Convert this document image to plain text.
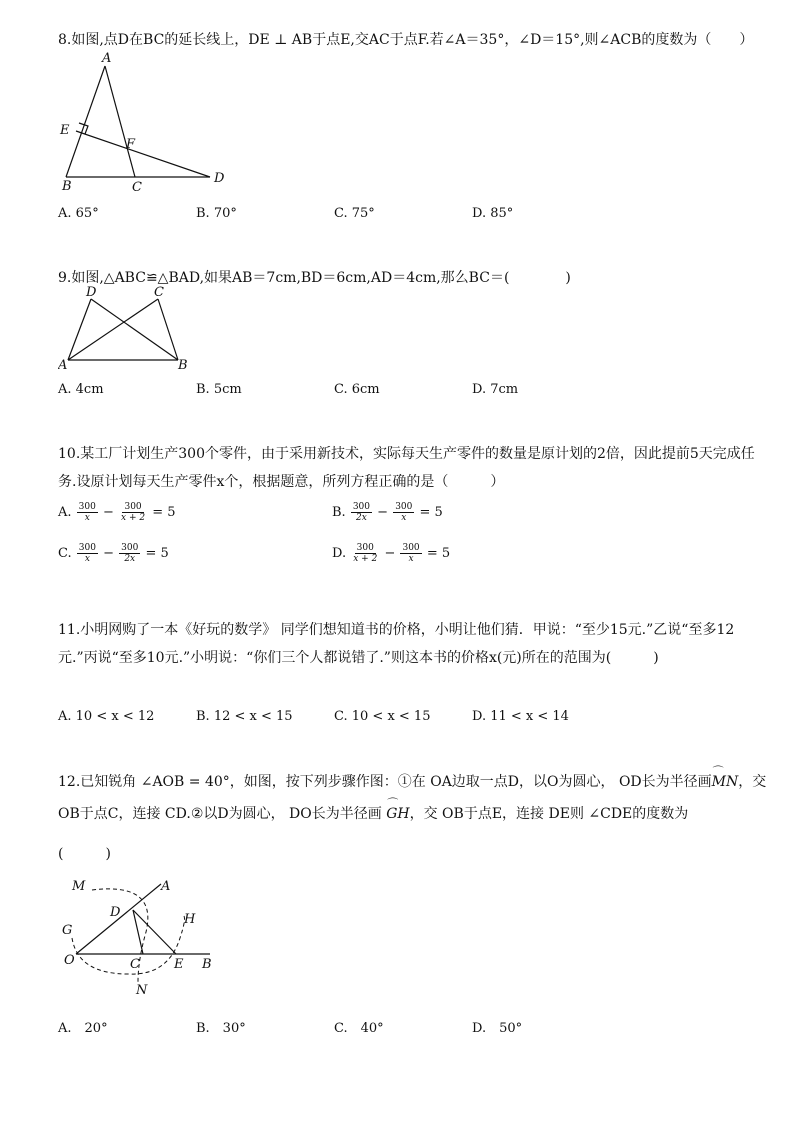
8.如图,点D在BC的延长线上，DE ⊥ AB于点E,交AC于点F.若∠A＝35°，∠D＝15°,则∠ACB的度数为（　　）
A
E
F
B	C
D
A. 65°	B. 70°	C. 75°	D. 85°
9.如图,△ABC≌△BAD,如果AB＝7cm,BD＝6cm,AD＝4cm,那么BC＝(　　　　)
D	C
A	B
A. 4cm	B. 5cm	C. 6cm	D. 7cm
10.某工厂计划生产300个零件，由于采用新技术，实际每天生产零件的数量是原计划的2倍，因此提前5天完成任务.设原计划每天生产零件x个，根据题意，所列方程正确的是（　　　）
A. $\frac{300}{x} - \frac{300}{x + 2} = 5$	B. $\frac{300}{2x} - \frac{300}{x} = 5$
C. $\frac{300}{x} - \frac{300}{2x} = 5$	D. $\frac{300}{x + 2} - \frac{300}{x} = 5$
11.小明网购了一本《好玩的数学》 同学们想知道书的价格，小明让他们猜．甲说：“至少15元.”乙说“至多12元.”丙说“至多10元.”小明说：“你们三个人都说错了.”则这本书的价格x(元)所在的范围为(　　　)
A. 10 < x < 12	B. 12 < x < 15	C. 10 < x < 15	D. 11 < x < 14
12.已知锐角 ∠AOB = 40°，如图，按下列步骤作图：①在 OA边取一点D，以O为圆心， OD长为半径画⌒ MN，交 OB于点C，连接 CD.②以D为圆心， DO长为半径画 ⌒ GH，交 OB于点E，连接 DE则 ∠CDE的度数为
(　　　)
M	A
D	H
G
O	C	E B
N
A.　20°	B.　30°	C.　40°	D.　50°
